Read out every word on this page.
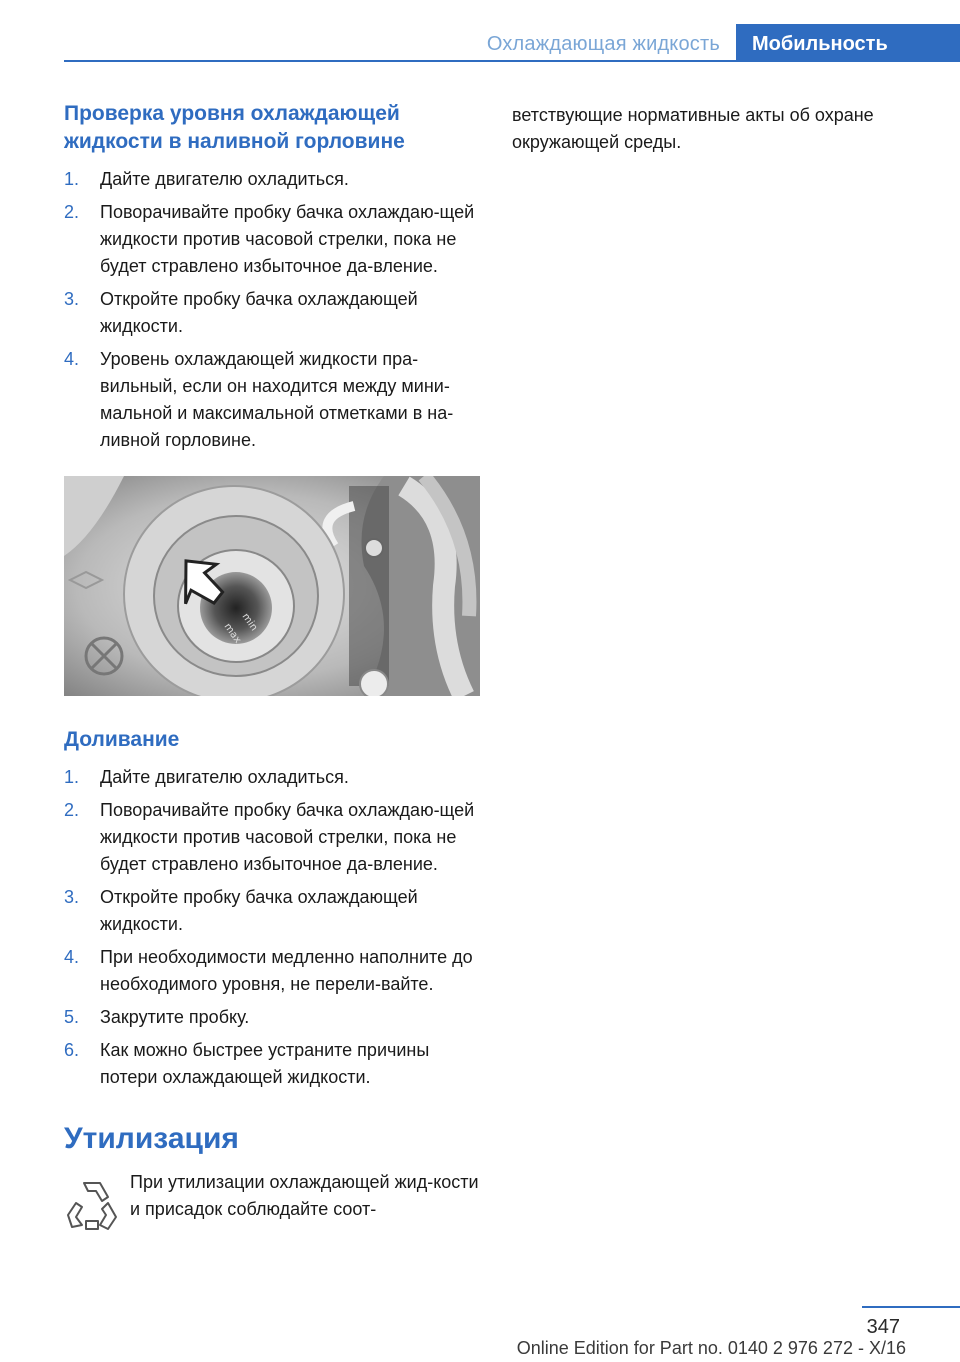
Охлаждающая жидкость	Мобильность
Проверка уровня охлаждающей жидкости в наливной горловине
1. Дайте двигателю охладиться.
2. Поворачивайте пробку бачка охлаждаю-щей жидкости против часовой стрелки, пока не будет стравлено избыточное да-вление.
3. Откройте пробку бачка охлаждающей жидкости.
4. Уровень охлаждающей жидкости пра-вильный, если он находится между мини-мальной и максимальной отметками в на-ливной горловине.
min
max
Доливание
1. Дайте двигателю охладиться.
2. Поворачивайте пробку бачка охлаждаю-щей жидкости против часовой стрелки, пока не будет стравлено избыточное да-вление.
3. Откройте пробку бачка охлаждающей жидкости.
4. При необходимости медленно наполните до необходимого уровня, не перели-вайте.
5. Закрутите пробку.
6. Как можно быстрее устраните причины потери охлаждающей жидкости.
Утилизация

При утилизации охлаждающей жид-кости и присадок соблюдайте соот-

ветствующие нормативные акты об охране окружающей среды.

347
Online Edition for Part no. 0140 2 976 272 - X/16
